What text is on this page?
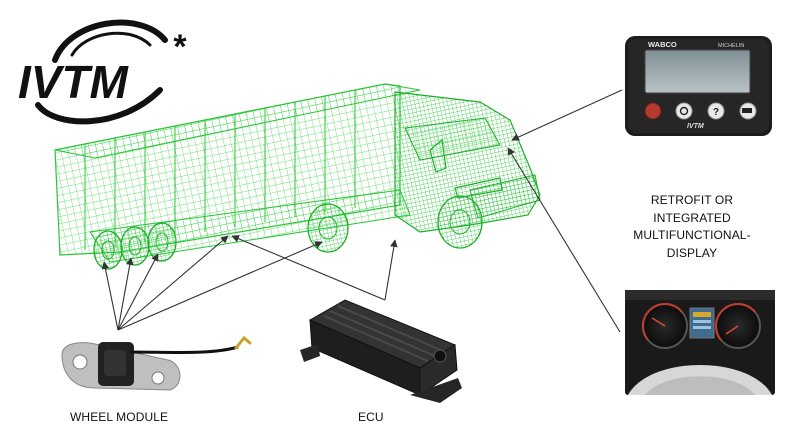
IVTM
*	WABCO	MICHELIN
?
IVTM
RETROFIT OR
INTEGRATED
MULTIFUNCTIONAL-
DISPLAY
WHEEL MODULE	ECU
